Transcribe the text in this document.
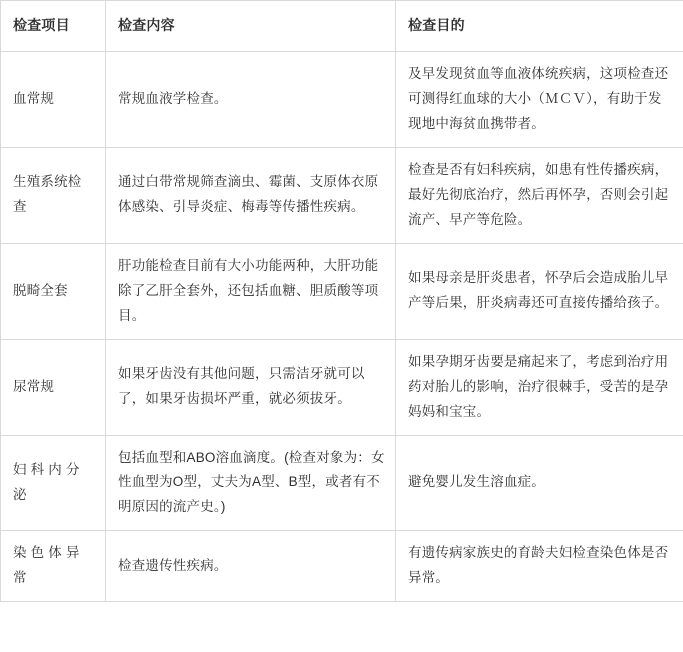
检查项目	检查内容	检查目的
血常规	常规血液学检查。	及早发现贫血等血液体统疾病，这项检查还可测得红血球的大小（ＭＣＶ），有助于发现地中海贫血携带者。
生殖系统检查	通过白带常规筛查滴虫、霉菌、支原体衣原体感染、引导炎症、梅毒等传播性疾病。	检查是否有妇科疾病，如患有性传播疾病，最好先彻底治疗，然后再怀孕，否则会引起流产、早产等危险。
脱畸全套	肝功能检查目前有大小功能两种，大肝功能除了乙肝全套外，还包括血糖、胆质酸等项目。	如果母亲是肝炎患者，怀孕后会造成胎儿早产等后果，肝炎病毒还可直接传播给孩子。
尿常规	如果牙齿没有其他问题，只需洁牙就可以了，如果牙齿损坏严重，就必须拔牙。	如果孕期牙齿要是痛起来了，考虑到治疗用药对胎儿的影响，治疗很棘手，受苦的是孕妈妈和宝宝。
妇 科 内 分 泌	包括血型和ABO溶血滴度。(检查对象为：女性血型为O型，丈夫为A型、B型，或者有不明原因的流产史。)	避免婴儿发生溶血症。
染 色 体 异 常	检查遗传性疾病。	有遗传病家族史的育龄夫妇检查染色体是否异常。
